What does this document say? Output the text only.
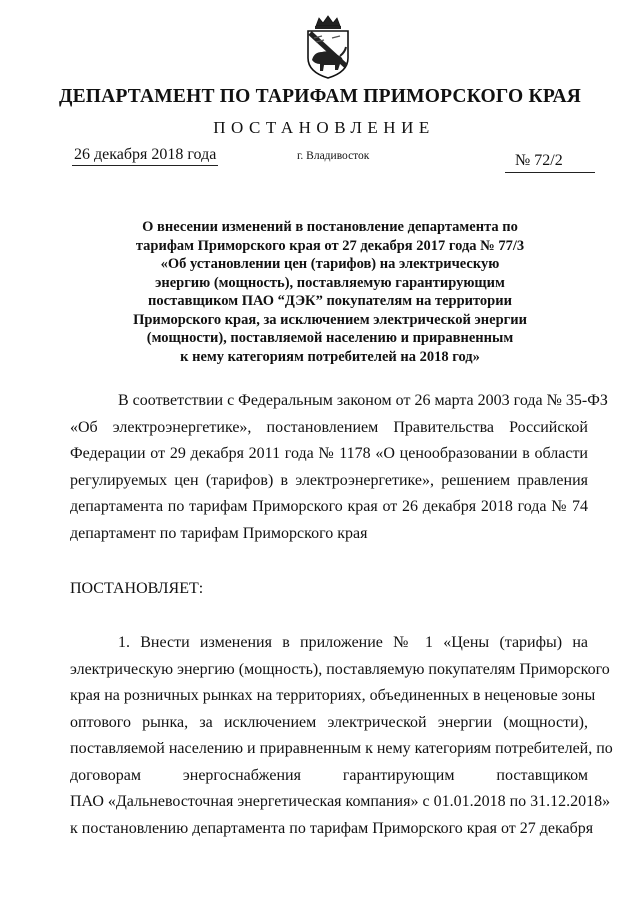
ДЕПАРТАМЕНТ ПО ТАРИФАМ ПРИМОРСКОГО КРАЯ
ПОСТАНОВЛЕНИЕ
26 декабря 2018 года	г. Владивосток	№ 72/2
О внесении изменений в постановление департамента по
тарифам Приморского края от 27 декабря 2017 года № 77/3
«Об установлении цен (тарифов) на электрическую
энергию (мощность), поставляемую гарантирующим
поставщиком ПАО “ДЭК” покупателям на территории
Приморского края, за исключением электрической энергии
(мощности), поставляемой населению и приравненным
к нему категориям потребителей на 2018 год»
В соответствии с Федеральным законом от 26 марта 2003 года № 35-ФЗ
«Об электроэнергетике», постановлением Правительства Российской
Федерации от 29 декабря 2011 года № 1178 «О ценообразовании в области
регулируемых цен (тарифов) в электроэнергетике», решением правления
департамента по тарифам Приморского края от 26 декабря 2018 года № 74
департамент по тарифам Приморского края
ПОСТАНОВЛЯЕТ:
1. Внести изменения в приложение № 1 «Цены (тарифы) на
электрическую энергию (мощность), поставляемую покупателям Приморского
края на розничных рынках на территориях, объединенных в неценовые зоны
оптового рынка, за исключением электрической энергии (мощности),
поставляемой населению и приравненным к нему категориям потребителей, по
договорам энергоснабжения гарантирующим поставщиком
ПАО «Дальневосточная энергетическая компания» с 01.01.2018 по 31.12.2018»
к постановлению департамента по тарифам Приморского края от 27 декабря
